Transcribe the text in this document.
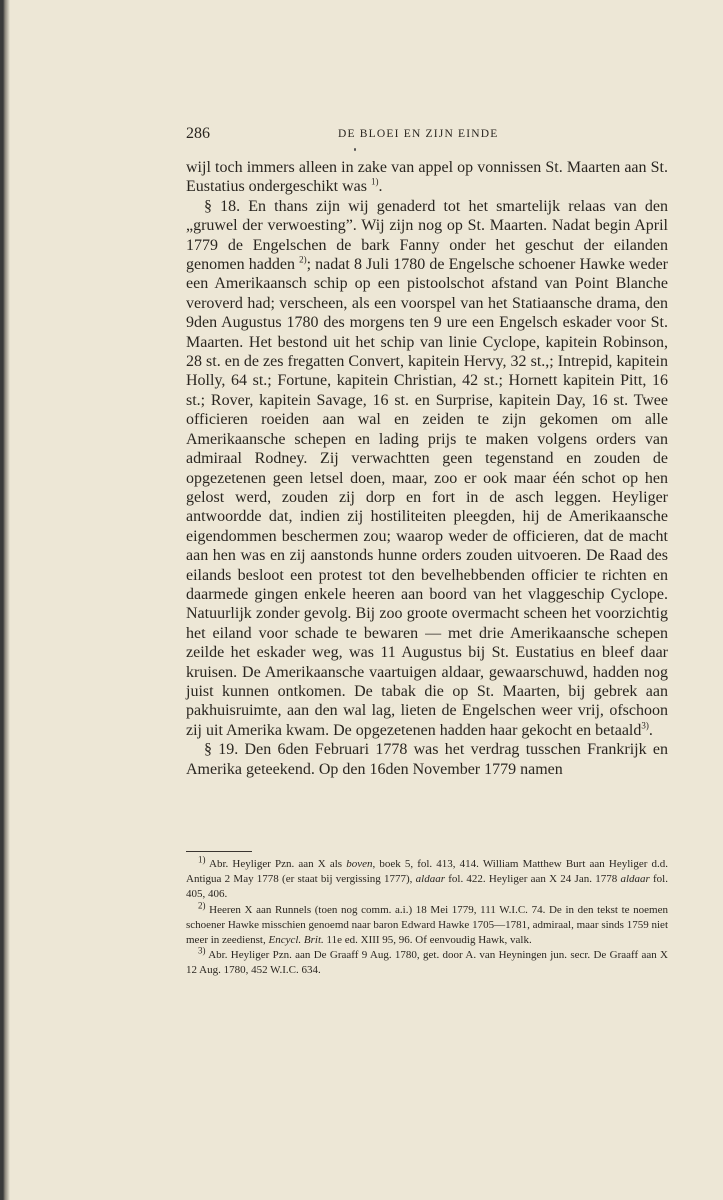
286	DE BLOEI EN ZIJN EINDE

wijl toch immers alleen in zake van appel op vonnissen St. Maarten aan St. Eustatius ondergeschikt was $^{1)}$.

§ 18. En thans zijn wij genaderd tot het smartelijk relaas van den „gruwel der verwoesting”. Wij zijn nog op St. Maarten. Nadat begin April 1779 de Engelschen de bark Fanny onder het geschut der eilanden genomen hadden $^{2)}$; nadat 8 Juli 1780 de Engelsche schoener Hawke weder een Amerikaansch schip op een pistoolschot afstand van Point Blanche veroverd had; verscheen, als een voorspel van het Statiaansche drama, den 9den Augustus 1780 des morgens ten 9 ure een Engelsch eskader voor St. Maarten. Het bestond uit het schip van linie Cyclope, kapitein Robinson, 28 st. en de zes fregatten Convert, kapitein Hervy, 32 st.,; Intrepid, kapitein Holly, 64 st.; Fortune, kapitein Christian, 42 st.; Hornett kapitein Pitt, 16 st.; Rover, kapitein Savage, 16 st. en Surprise, kapitein Day, 16 st. Twee officieren roeiden aan wal en zeiden te zijn gekomen om alle Amerikaansche schepen en lading prijs te maken volgens orders van admiraal Rodney. Zij verwachtten geen tegenstand en zouden de opgezetenen geen letsel doen, maar, zoo er ook maar één schot op hen gelost werd, zouden zij dorp en fort in de asch leggen. Heyliger antwoordde dat, indien zij hostiliteiten pleegden, hij de Amerikaansche eigendommen beschermen zou; waarop weder de officieren, dat de macht aan hen was en zij aanstonds hunne orders zouden uitvoeren. De Raad des eilands besloot een protest tot den bevelhebbenden officier te richten en daarmede gingen enkele heeren aan boord van het vlaggeschip Cyclope. Natuurlijk zonder gevolg. Bij zoo groote overmacht scheen het voorzichtig het eiland voor schade te bewaren — met drie Amerikaansche schepen zeilde het eskader weg, was 11 Augustus bij St. Eustatius en bleef daar kruisen. De Amerikaansche vaartuigen aldaar, gewaarschuwd, hadden nog juist kunnen ontkomen. De tabak die op St. Maarten, bij gebrek aan pakhuisruimte, aan den wal lag, lieten de Engelschen weer vrij, ofschoon zij uit Amerika kwam. De opgezetenen hadden haar gekocht en betaald$^{3)}$.

§ 19. Den 6den Februari 1778 was het verdrag tusschen Frankrijk en Amerika geteekend. Op den 16den November 1779 namen

$^{1)}$ Abr. Heyliger Pzn. aan X als boven, boek 5, fol. 413, 414. William Matthew Burt aan Heyliger d.d. Antigua 2 May 1778 (er staat bij vergissing 1777), aldaar fol. 422. Heyliger aan X 24 Jan. 1778 aldaar fol. 405, 406.

$^{2)}$ Heeren X aan Runnels (toen nog comm. a.i.) 18 Mei 1779, 111 W.I.C. 74. De in den tekst te noemen schoener Hawke misschien genoemd naar baron Edward Hawke 1705—1781, admiraal, maar sinds 1759 niet meer in zeedienst, Encycl. Brit. 11e ed. XIII 95, 96. Of eenvoudig Hawk, valk.

$^{3)}$ Abr. Heyliger Pzn. aan De Graaff 9 Aug. 1780, get. door A. van Heyningen jun. secr. De Graaff aan X 12 Aug. 1780, 452 W.I.C. 634.
